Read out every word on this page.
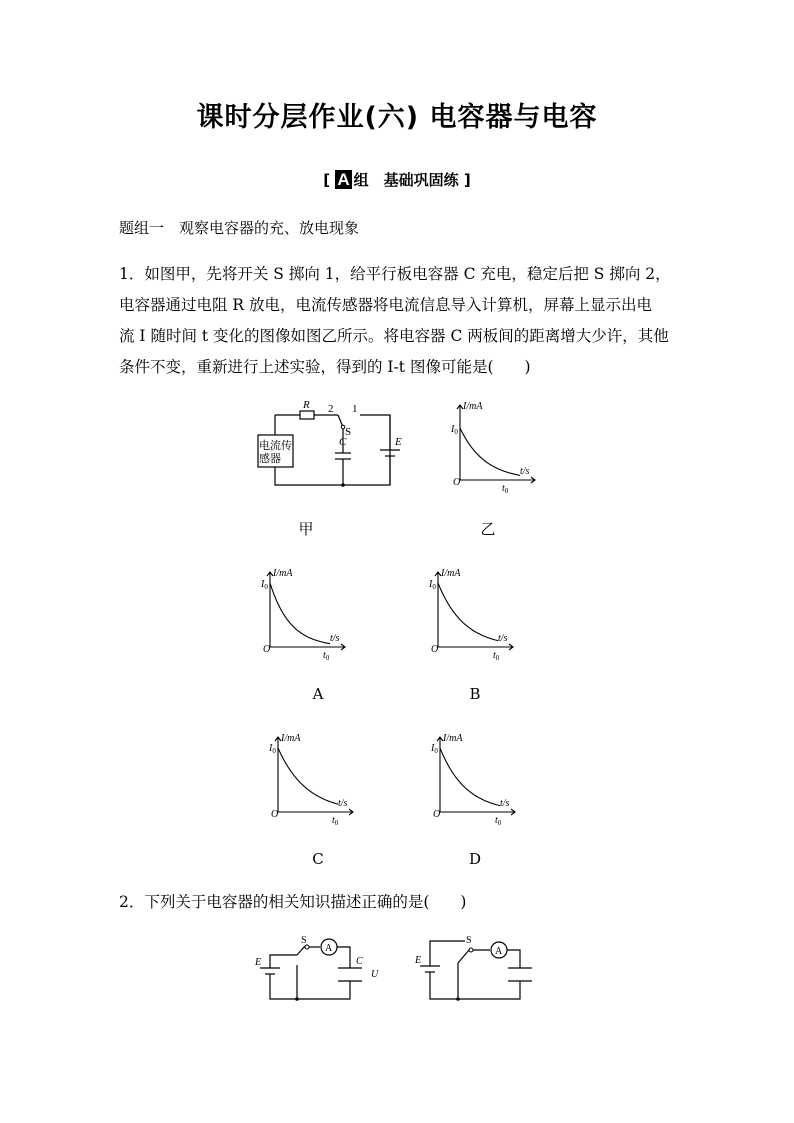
课时分层作业(六) 电容器与电容
[ A 组　基础巩固练 ]
题组一　观察电容器的充、放电现象
1．如图甲，先将开关 S 掷向 1，给平行板电容器 C 充电，稳定后把 S 掷向 2，
电容器通过电阻 R 放电，电流传感器将电流信息导入计算机，屏幕上显示出电
流 I 随时间 t 变化的图像如图乙所示。将电容器 C 两板间的距离增大少许，其他
条件不变，重新进行上述实验，得到的 I-t 图像可能是(　　)
R 2 1
S
C	E
电流传
感器
甲
I/mA
t/s
O
$I_0$
$t_0$
乙
I/mA
t/s
O
$I_0$
$t_0$
A
I/mA
t/s
O
$I_0$
$t_0$
B
I/mA
t/s
O
$I_0$
$t_0$
C
I/mA
t/s
O
$I_0$
$t_0$
D
2．下列关于电容器的相关知识描述正确的是(　　)
S
A
E	C
U
S
A
E
